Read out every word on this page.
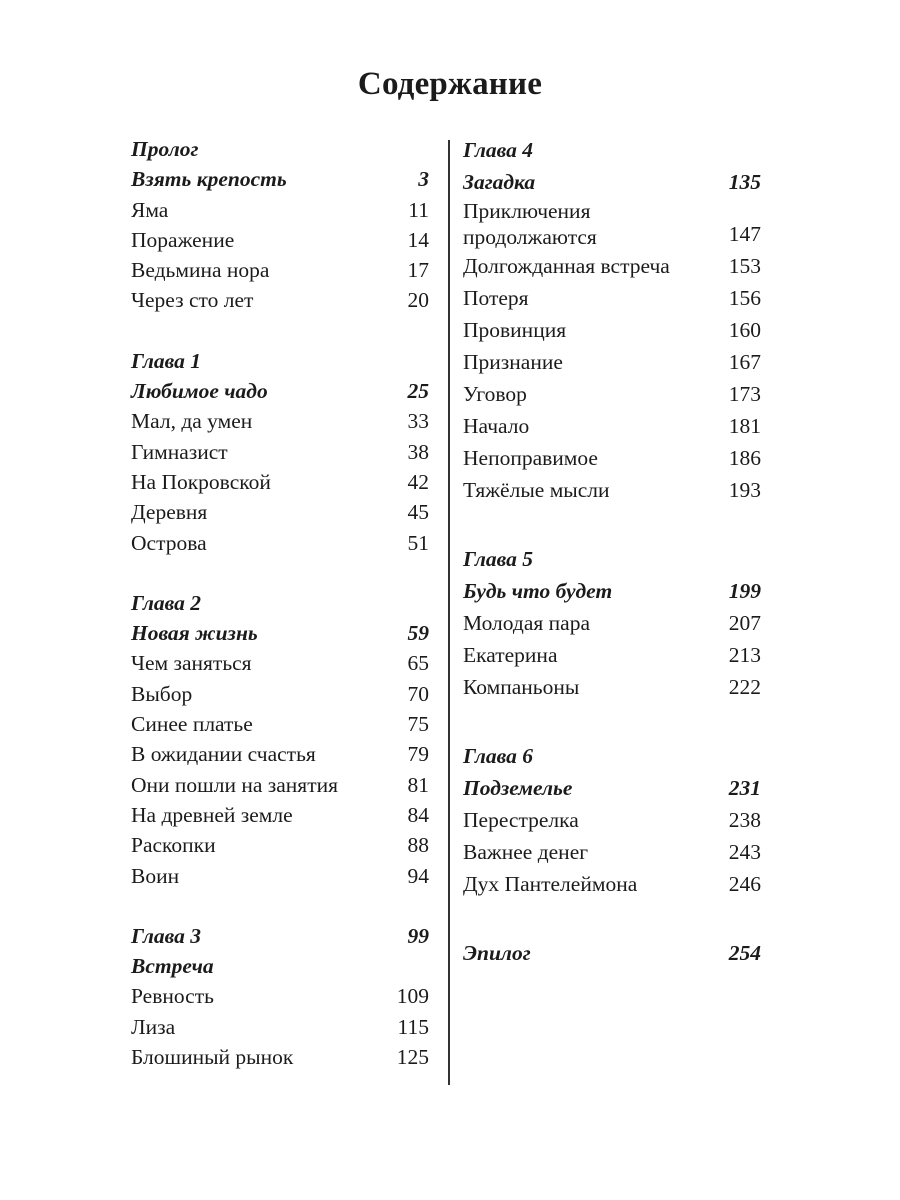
Содержание
Пролог
Взять крепость	3
Яма	11
Поражение	14
Ведьмина нора	17
Через сто лет	20
Глава 1
Любимое чадо	25
Мал, да умен	33
Гимназист	38
На Покровской	42
Деревня	45
Острова	51
Глава 2
Новая жизнь	59
Чем заняться	65
Выбор	70
Синее платье	75
В ожидании счастья	79
Они пошли на занятия	81
На древней земле	84
Раскопки	88
Воин	94
Глава 3	99
Встреча
Ревность	109
Лиза	115
Блошиный рынок	125
Глава 4
Загадка	135
Приключения продолжаются	147
Долгожданная встреча	153
Потеря	156
Провинция	160
Признание	167
Уговор	173
Начало	181
Непоправимое	186
Тяжёлые мысли	193
Глава 5
Будь что будет	199
Молодая пара	207
Екатерина	213
Компаньоны	222
Глава 6
Подземелье	231
Перестрелка	238
Важнее денег	243
Дух Пантелеймона	246
Эпилог	254
